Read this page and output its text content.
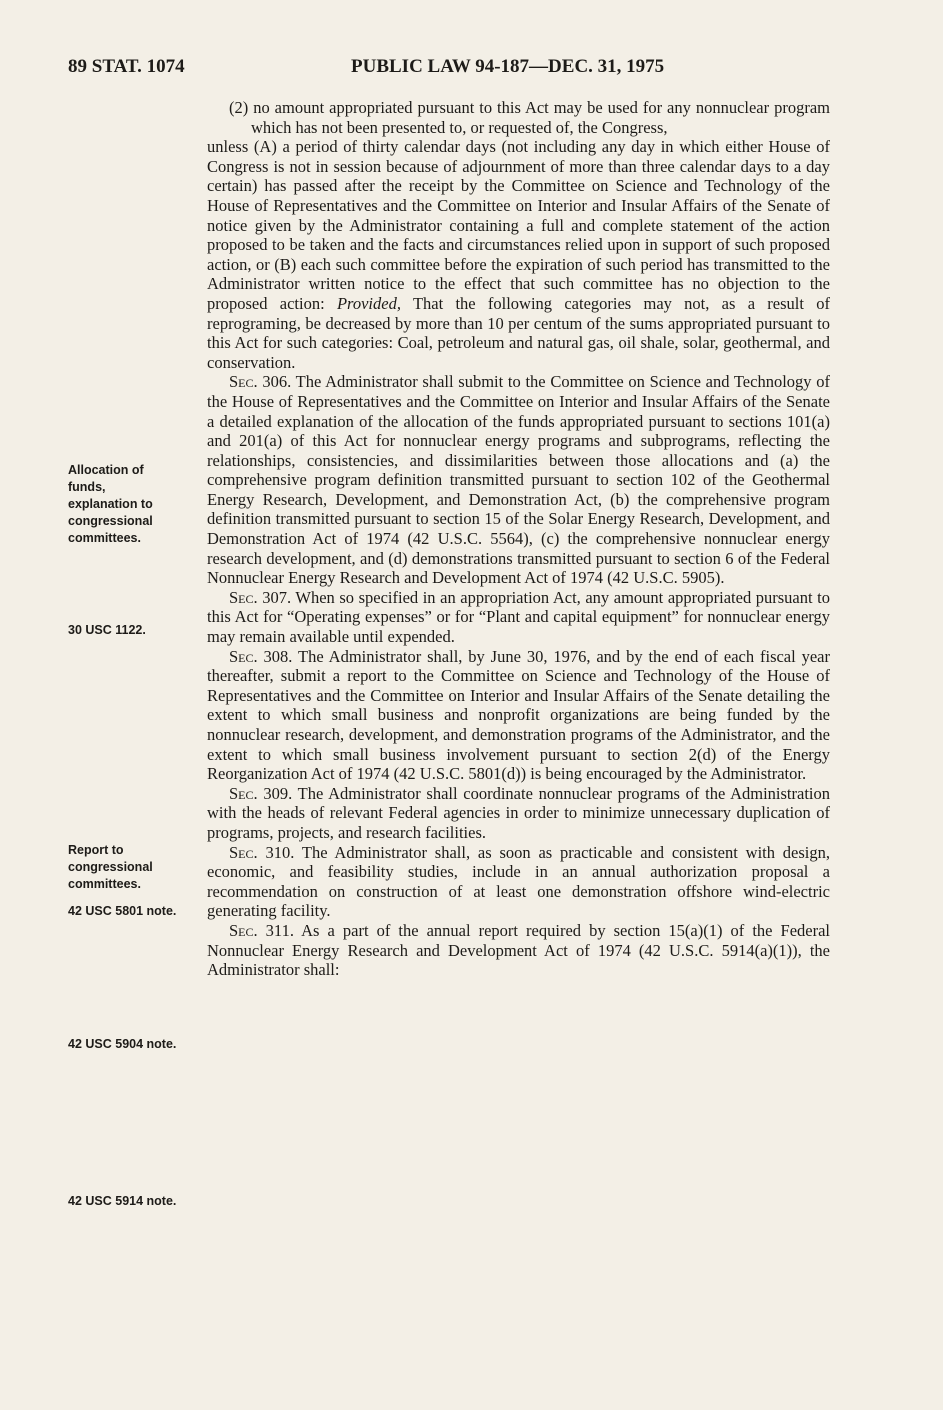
89 STAT. 1074	PUBLIC LAW 94-187—DEC. 31, 1975
Allocation of funds, explanation to congressional committees.
30 USC 1122.
Report to congressional committees.
42 USC 5801 note.
42 USC 5904 note.
42 USC 5914 note.

(2) no amount appropriated pursuant to this Act may be used for any nonnuclear program which has not been presented to, or requested of, the Congress,

unless (A) a period of thirty calendar days (not including any day in which either House of Congress is not in session because of adjournment of more than three calendar days to a day certain) has passed after the receipt by the Committee on Science and Technology of the House of Representatives and the Committee on Interior and Insular Affairs of the Senate of notice given by the Administrator containing a full and complete statement of the action proposed to be taken and the facts and circumstances relied upon in support of such proposed action, or (B) each such committee before the expiration of such period has transmitted to the Administrator written notice to the effect that such committee has no objection to the proposed action: Provided, That the following categories may not, as a result of reprograming, be decreased by more than 10 per centum of the sums appropriated pursuant to this Act for such categories: Coal, petroleum and natural gas, oil shale, solar, geothermal, and conservation.

Sec. 306. The Administrator shall submit to the Committee on Science and Technology of the House of Representatives and the Committee on Interior and Insular Affairs of the Senate a detailed explanation of the allocation of the funds appropriated pursuant to sections 101(a) and 201(a) of this Act for nonnuclear energy programs and subprograms, reflecting the relationships, consistencies, and dissimilarities between those allocations and (a) the comprehensive program definition transmitted pursuant to section 102 of the Geothermal Energy Research, Development, and Demonstration Act, (b) the comprehensive program definition transmitted pursuant to section 15 of the Solar Energy Research, Development, and Demonstration Act of 1974 (42 U.S.C. 5564), (c) the comprehensive nonnuclear energy research development, and (d) demonstrations transmitted pursuant to section 6 of the Federal Nonnuclear Energy Research and Development Act of 1974 (42 U.S.C. 5905).

Sec. 307. When so specified in an appropriation Act, any amount appropriated pursuant to this Act for “Operating expenses” or for “Plant and capital equipment” for nonnuclear energy may remain available until expended.

Sec. 308. The Administrator shall, by June 30, 1976, and by the end of each fiscal year thereafter, submit a report to the Committee on Science and Technology of the House of Representatives and the Committee on Interior and Insular Affairs of the Senate detailing the extent to which small business and nonprofit organizations are being funded by the nonnuclear research, development, and demonstration programs of the Administrator, and the extent to which small business involvement pursuant to section 2(d) of the Energy Reorganization Act of 1974 (42 U.S.C. 5801(d)) is being encouraged by the Administrator.

Sec. 309. The Administrator shall coordinate nonnuclear programs of the Administration with the heads of relevant Federal agencies in order to minimize unnecessary duplication of programs, projects, and research facilities.

Sec. 310. The Administrator shall, as soon as practicable and consistent with design, economic, and feasibility studies, include in an annual authorization proposal a recommendation on construction of at least one demonstration offshore wind-electric generating facility.

Sec. 311. As a part of the annual report required by section 15(a)(1) of the Federal Nonnuclear Energy Research and Development Act of 1974 (42 U.S.C. 5914(a)(1)), the Administrator shall:
